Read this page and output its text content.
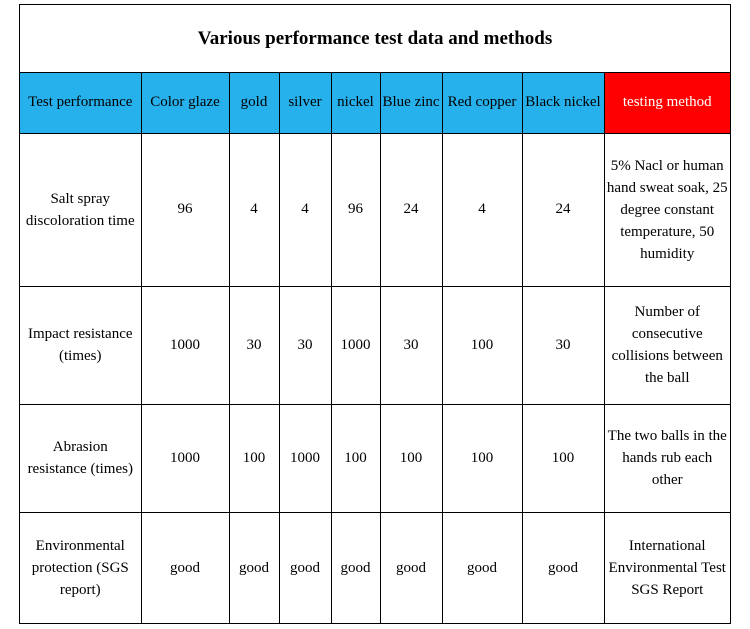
Various performance test data and methods
Test performance	Color glaze	gold	silver	nickel	Blue zinc	Red copper	Black nickel	testing method
Salt spray discoloration time	96	4	4	96	24	4	24	5% Nacl or human hand sweat soak, 25 degree constant temperature, 50 humidity
Impact resistance (times)	1000	30	30	1000	30	100	30	Number of consecutive collisions between the ball
Abrasion resistance (times)	1000	100	1000	100	100	100	100	The two balls in the hands rub each other
Environmental protection (SGS report)	good	good	good	good	good	good	good	International Environmental Test SGS Report
